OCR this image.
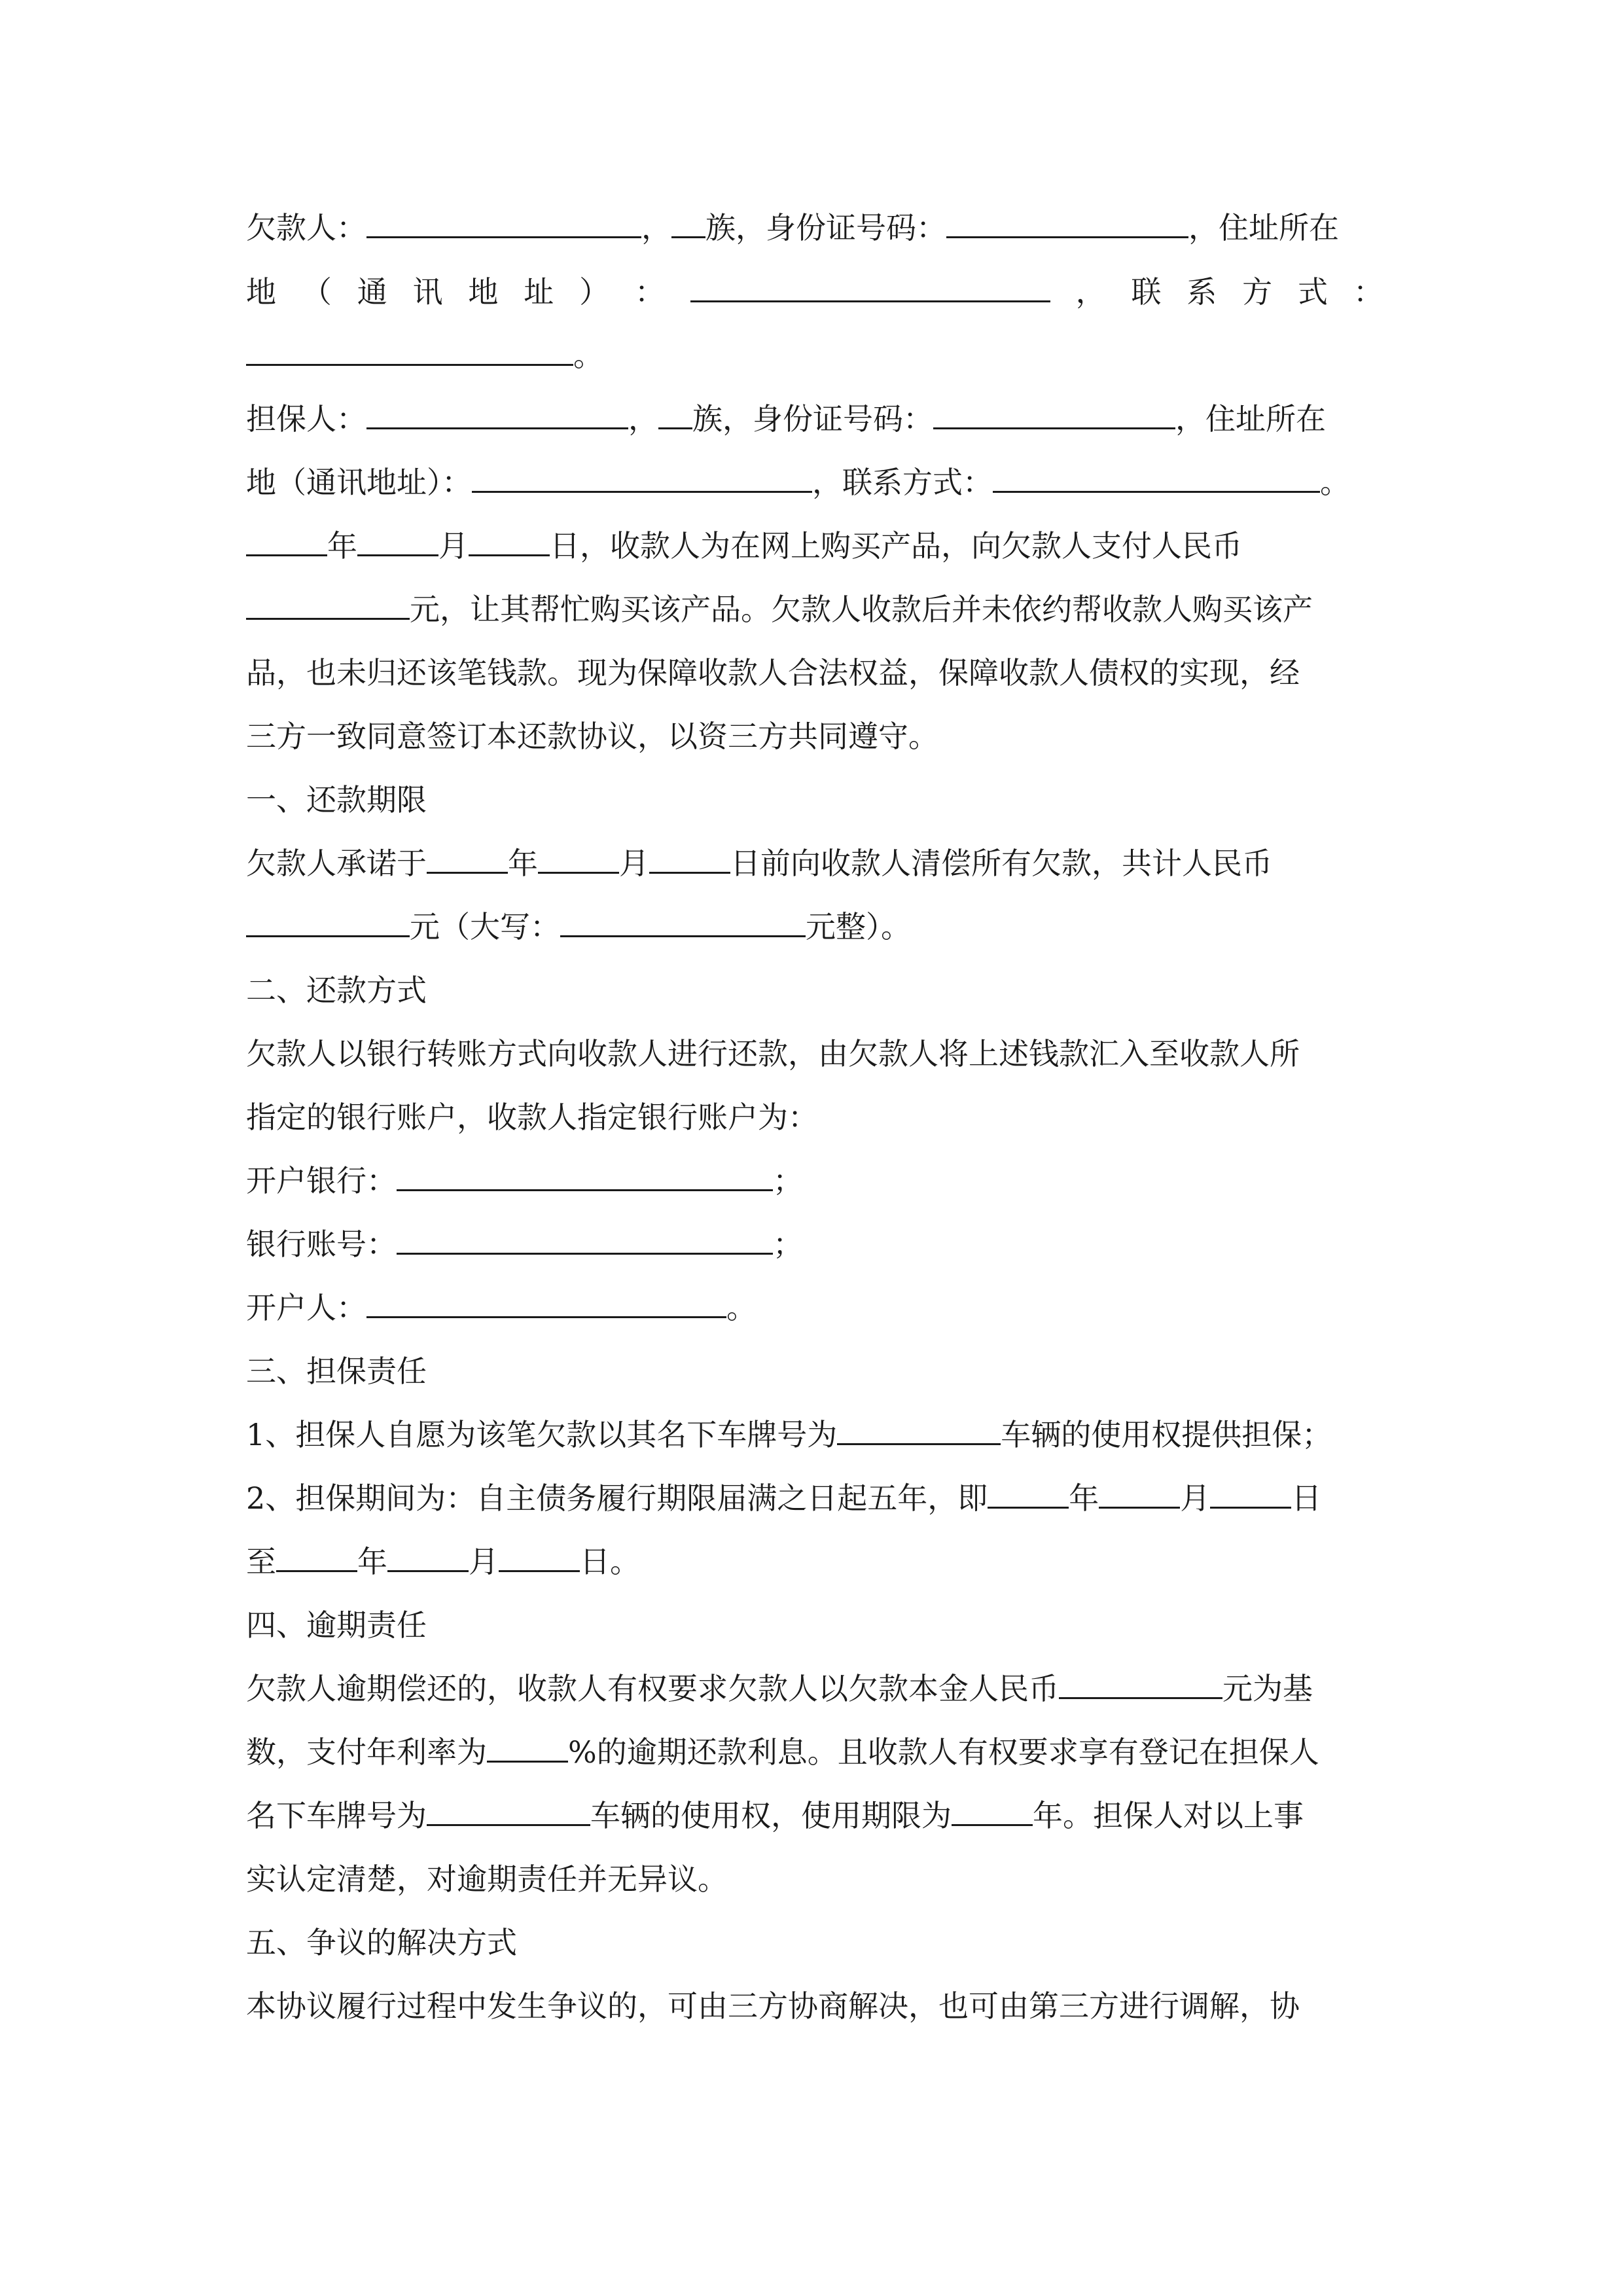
欠款人：	， 族，身份证号码：	，住址所在
地 （ 通 讯 地 址 ） ：	， 联 系 方 式 ：
。
担保人：	， 族，身份证号码：	，住址所在
地（通讯地址）：	，联系方式：	。
年	月	日，收款人为在网上购买产品，向欠款人支付人民币
元，让其帮忙购买该产品。欠款人收款后并未依约帮收款人购买该产
品，也未归还该笔钱款。现为保障收款人合法权益，保障收款人债权的实现，经
三方一致同意签订本还款协议，以资三方共同遵守。
一、还款期限
欠款人承诺于	年	月	日前向收款人清偿所有欠款，共计人民币
元（大写：	元整）。
二、还款方式
欠款人以银行转账方式向收款人进行还款，由欠款人将上述钱款汇入至收款人所
指定的银行账户，收款人指定银行账户为：
开户银行：	；
银行账号：	；
开户人：	。
三、担保责任
1、担保人自愿为该笔欠款以其名下车牌号为	车辆的使用权提供担保；
2、担保期间为：自主债务履行期限届满之日起五年，即	年	月	日
至	年	月	日。
四、逾期责任
欠款人逾期偿还的，收款人有权要求欠款人以欠款本金人民币	元为基
数，支付年利率为	%的逾期还款利息。且收款人有权要求享有登记在担保人
名下车牌号为	车辆的使用权，使用期限为	年。担保人对以上事
实认定清楚，对逾期责任并无异议。
五、争议的解决方式
本协议履行过程中发生争议的，可由三方协商解决，也可由第三方进行调解，协
